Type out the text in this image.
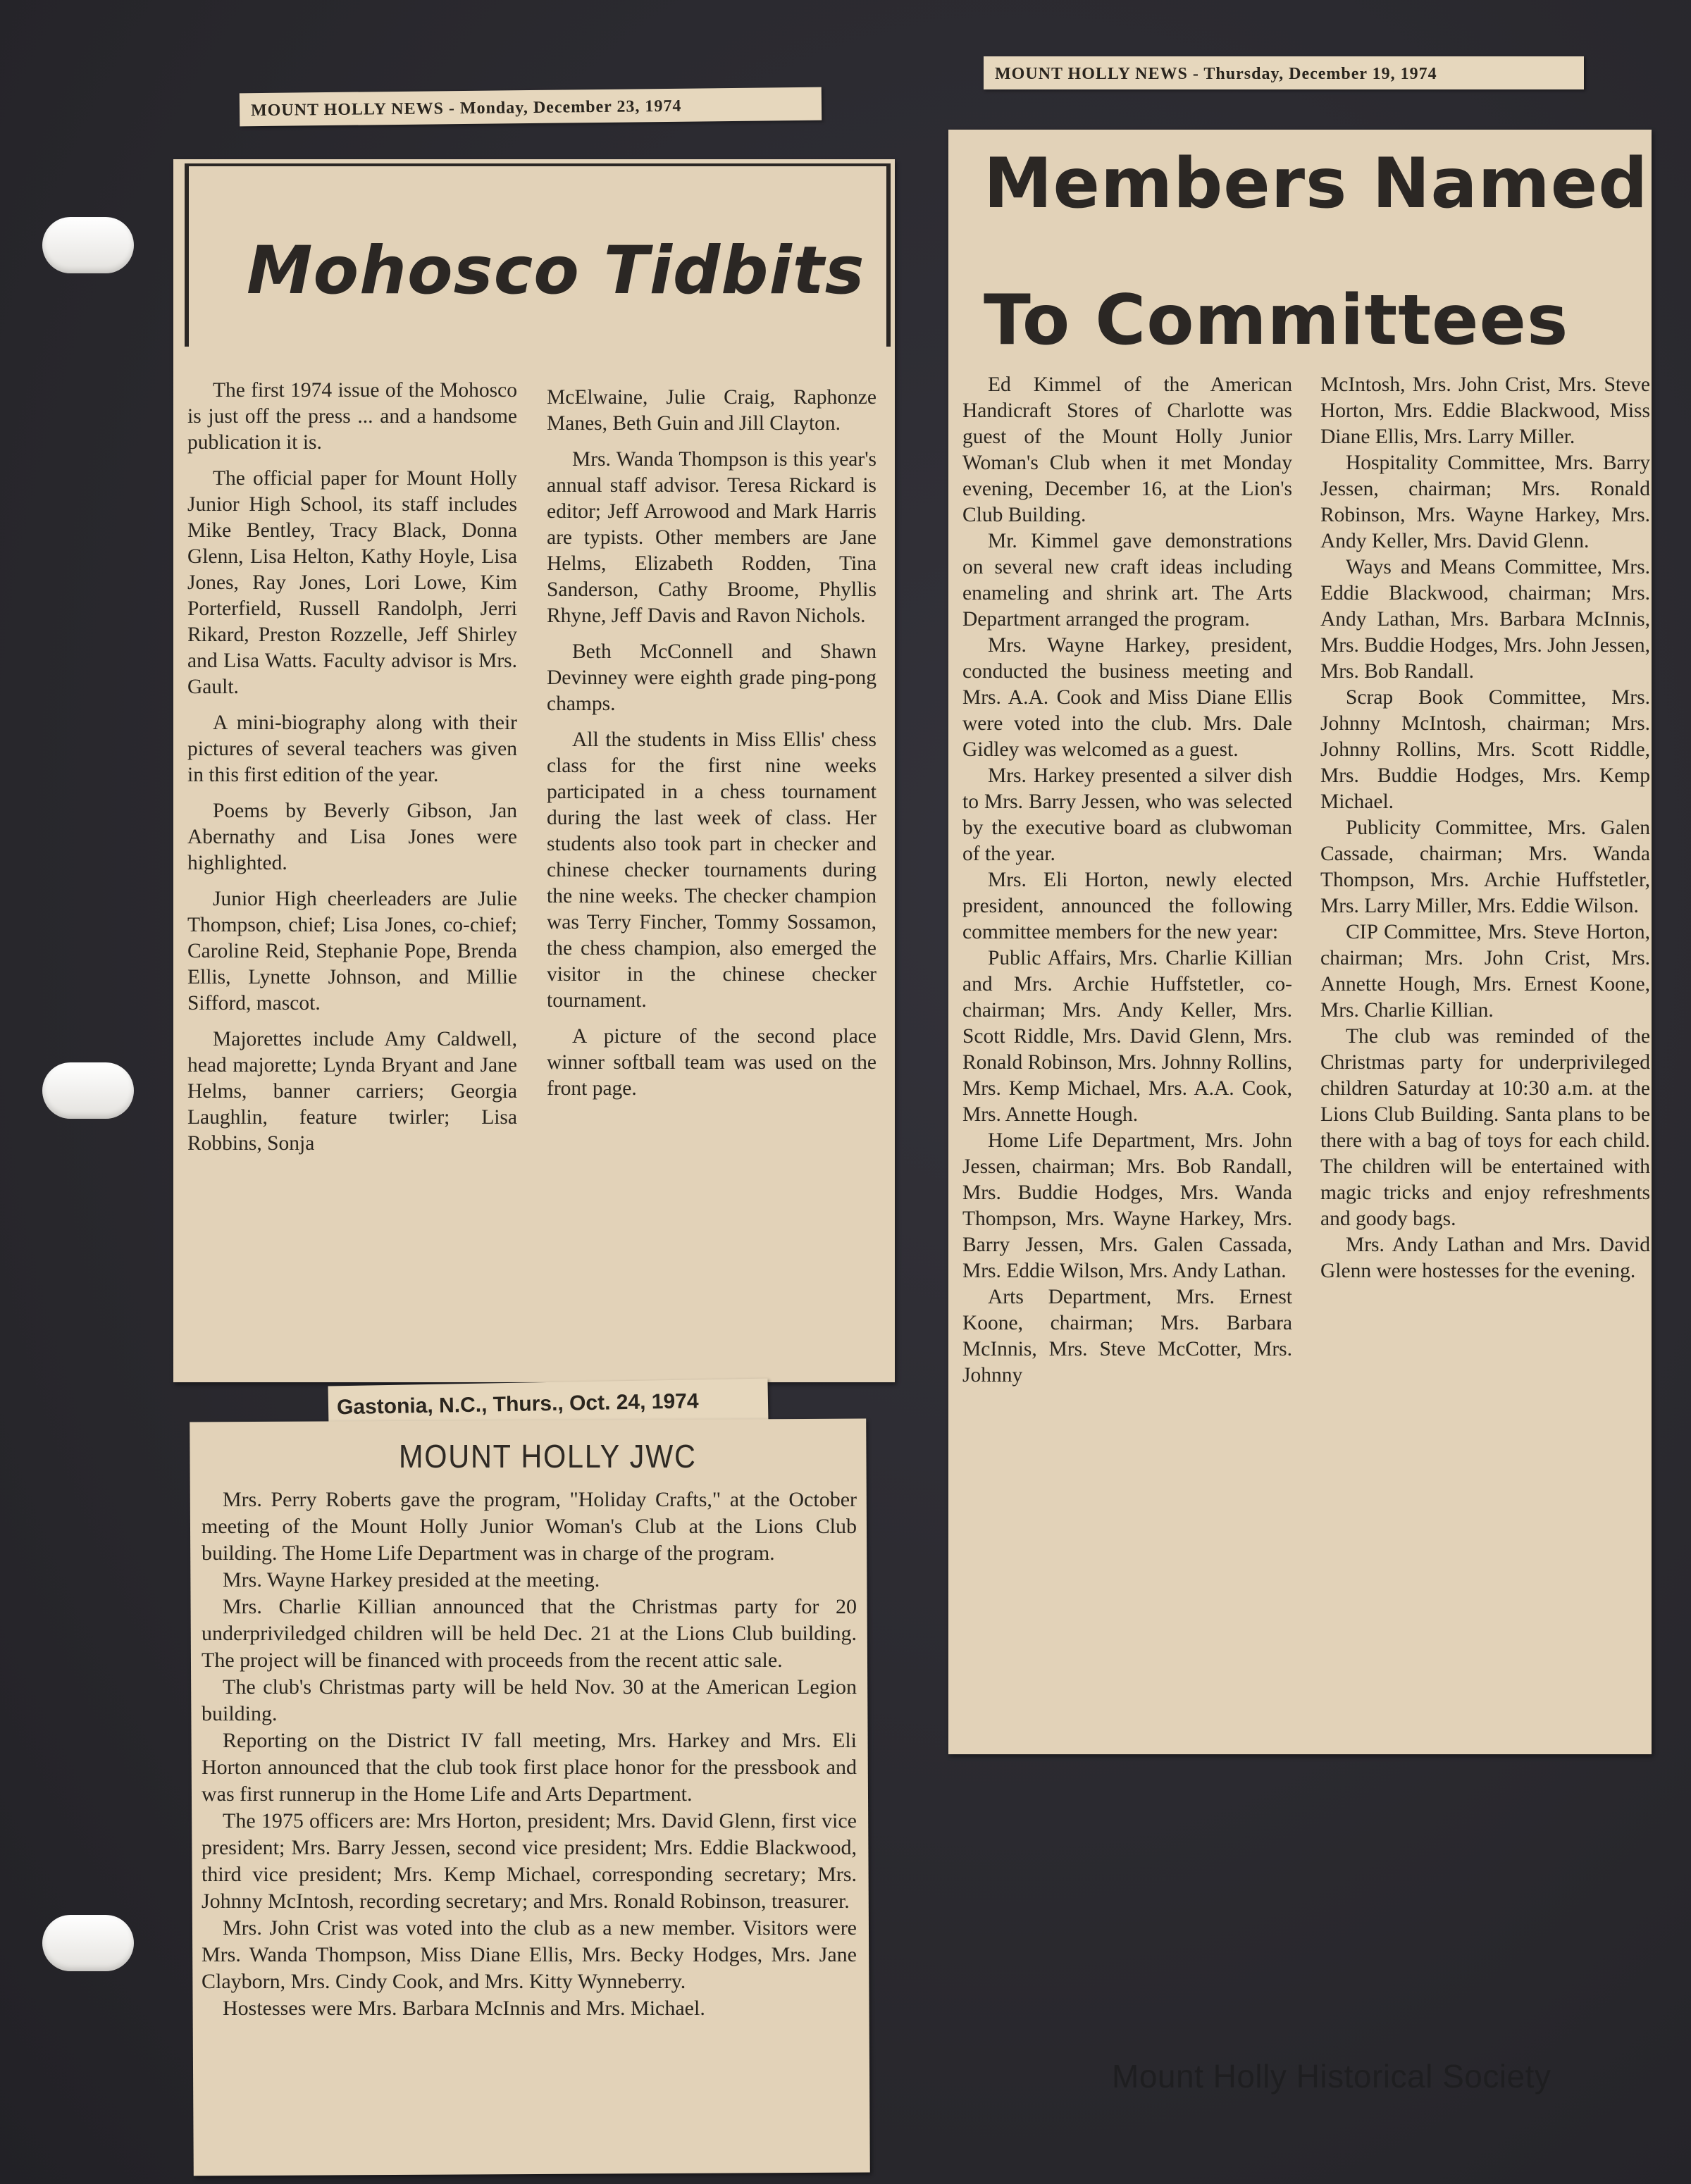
MOUNT HOLLY NEWS - Monday, December 23, 1974
Mohosco Tidbits

The first 1974 issue of the Mohosco is just off the press ... and a handsome publication it is.

The official paper for Mount Holly Junior High School, its staff includes Mike Bentley, Tracy Black, Donna Glenn, Lisa Helton, Kathy Hoyle, Lisa Jones, Ray Jones, Lori Lowe, Kim Porterfield, Russell Randolph, Jerri Rikard, Preston Rozzelle, Jeff Shirley and Lisa Watts. Faculty advisor is Mrs. Gault.

A mini-biography along with their pictures of several teachers was given in this first edition of the year.

Poems by Beverly Gibson, Jan Abernathy and Lisa Jones were highlighted.

Junior High cheerleaders are Julie Thompson, chief; Lisa Jones, co-chief; Caroline Reid, Stephanie Pope, Brenda Ellis, Lynette Johnson, and Millie Sifford, mascot.

Majorettes include Amy Caldwell, head majorette; Lynda Bryant and Jane Helms, banner carriers; Georgia Laughlin, feature twirler; Lisa Robbins, Sonja

McElwaine, Julie Craig, Raphonze Manes, Beth Guin and Jill Clayton.

Mrs. Wanda Thompson is this year's annual staff advisor. Teresa Rickard is editor; Jeff Arrowood and Mark Harris are typists. Other members are Jane Helms, Elizabeth Rodden, Tina Sanderson, Cathy Broome, Phyllis Rhyne, Jeff Davis and Ravon Nichols.

Beth McConnell and Shawn Devinney were eighth grade ping-pong champs.

All the students in Miss Ellis' chess class for the first nine weeks participated in a chess tournament during the last week of class. Her students also took part in checker and chinese checker tournaments during the nine weeks. The checker champion was Terry Fincher, Tommy Sossamon, the chess champion, also emerged the visitor in the chinese checker tournament.

A picture of the second place winner softball team was used on the front page.

MOUNT HOLLY NEWS - Thursday, December 19, 1974
Members Named
To Committees

Ed Kimmel of the American Handicraft Stores of Charlotte was guest of the Mount Holly Junior Woman's Club when it met Monday evening, December 16, at the Lion's Club Building.

Mr. Kimmel gave demonstrations on several new craft ideas including enameling and shrink art. The Arts Department arranged the program.

Mrs. Wayne Harkey, president, conducted the business meeting and Mrs. A.A. Cook and Miss Diane Ellis were voted into the club. Mrs. Dale Gidley was welcomed as a guest.

Mrs. Harkey presented a silver dish to Mrs. Barry Jessen, who was selected by the executive board as clubwoman of the year.

Mrs. Eli Horton, newly elected president, announced the following committee members for the new year:

Public Affairs, Mrs. Charlie Killian and Mrs. Archie Huffstetler, co-chairman; Mrs. Andy Keller, Mrs. Scott Riddle, Mrs. David Glenn, Mrs. Ronald Robinson, Mrs. Johnny Rollins, Mrs. Kemp Michael, Mrs. A.A. Cook, Mrs. Annette Hough.

Home Life Department, Mrs. John Jessen, chairman; Mrs. Bob Randall, Mrs. Buddie Hodges, Mrs. Wanda Thompson, Mrs. Wayne Harkey, Mrs. Barry Jessen, Mrs. Galen Cassada, Mrs. Eddie Wilson, Mrs. Andy Lathan.

Arts Department, Mrs. Ernest Koone, chairman; Mrs. Barbara McInnis, Mrs. Steve McCotter, Mrs. Johnny

McIntosh, Mrs. John Crist, Mrs. Steve Horton, Mrs. Eddie Blackwood, Miss Diane Ellis, Mrs. Larry Miller.

Hospitality Committee, Mrs. Barry Jessen, chairman; Mrs. Ronald Robinson, Mrs. Wayne Harkey, Mrs. Andy Keller, Mrs. David Glenn.

Ways and Means Committee, Mrs. Eddie Blackwood, chairman; Mrs. Andy Lathan, Mrs. Barbara McInnis, Mrs. Buddie Hodges, Mrs. John Jessen, Mrs. Bob Randall.

Scrap Book Committee, Mrs. Johnny McIntosh, chairman; Mrs. Johnny Rollins, Mrs. Scott Riddle, Mrs. Buddie Hodges, Mrs. Kemp Michael.

Publicity Committee, Mrs. Galen Cassade, chairman; Mrs. Wanda Thompson, Mrs. Archie Huffstetler, Mrs. Larry Miller, Mrs. Eddie Wilson.

CIP Committee, Mrs. Steve Horton, chairman; Mrs. John Crist, Mrs. Annette Hough, Mrs. Ernest Koone, Mrs. Charlie Killian.

The club was reminded of the Christmas party for underprivileged children Saturday at 10:30 a.m. at the Lions Club Building. Santa plans to be there with a bag of toys for each child. The children will be entertained with magic tricks and enjoy refreshments and goody bags.

Mrs. Andy Lathan and Mrs. David Glenn were hostesses for the evening.

Gastonia, N.C., Thurs., Oct. 24, 1974
MOUNT HOLLY JWC

Mrs. Perry Roberts gave the program, "Holiday Crafts," at the October meeting of the Mount Holly Junior Woman's Club at the Lions Club building. The Home Life Department was in charge of the program.

Mrs. Wayne Harkey presided at the meeting.

Mrs. Charlie Killian announced that the Christmas party for 20 underpriviledged children will be held Dec. 21 at the Lions Club building. The project will be financed with proceeds from the recent attic sale.

The club's Christmas party will be held Nov. 30 at the American Legion building.

Reporting on the District IV fall meeting, Mrs. Harkey and Mrs. Eli Horton announced that the club took first place honor for the pressbook and was first runnerup in the Home Life and Arts Department.

The 1975 officers are: Mrs Horton, president; Mrs. David Glenn, first vice president; Mrs. Barry Jessen, second vice president; Mrs. Eddie Blackwood, third vice president; Mrs. Kemp Michael, corresponding secretary; Mrs. Johnny McIntosh, recording secretary; and Mrs. Ronald Robinson, treasurer.

Mrs. John Crist was voted into the club as a new member. Visitors were Mrs. Wanda Thompson, Miss Diane Ellis, Mrs. Becky Hodges, Mrs. Jane Clayborn, Mrs. Cindy Cook, and Mrs. Kitty Wynneberry.

Hostesses were Mrs. Barbara McInnis and Mrs. Michael.

Mount Holly Historical Society
